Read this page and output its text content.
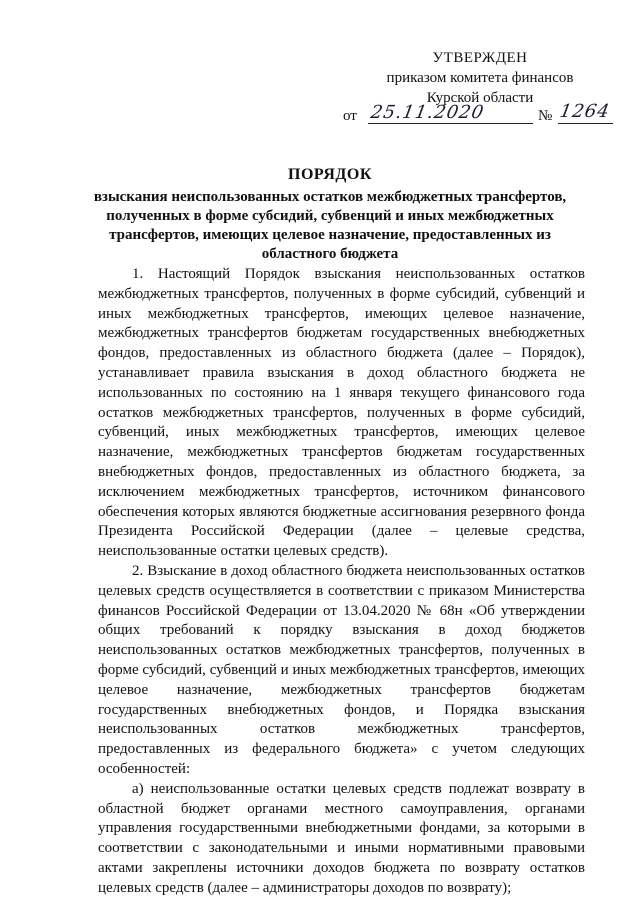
УТВЕРЖДЕН
приказом комитета финансов
Курской области
от 25.11.2020	№ 1264
ПОРЯДОК
взыскания неиспользованных остатков межбюджетных трансфертов, полученных в форме субсидий, субвенций и иных межбюджетных трансфертов, имеющих целевое назначение, предоставленных из областного бюджета

1. Настоящий Порядок взыскания неиспользованных остатков межбюджетных трансфертов, полученных в форме субсидий, субвенций и иных межбюджетных трансфертов, имеющих целевое назначение, межбюджетных трансфертов бюджетам государственных внебюджетных фондов, предоставленных из областного бюджета (далее – Порядок), устанавливает правила взыскания в доход областного бюджета не использованных по состоянию на 1 января текущего финансового года остатков межбюджетных трансфертов, полученных в форме субсидий, субвенций, иных межбюджетных трансфертов, имеющих целевое назначение, межбюджетных трансфертов бюджетам государственных внебюджетных фондов, предоставленных из областного бюджета, за исключением межбюджетных трансфертов, источником финансового обеспечения которых являются бюджетные ассигнования резервного фонда Президента Российской Федерации (далее – целевые средства, неиспользованные остатки целевых средств).

2. Взыскание в доход областного бюджета неиспользованных остатков целевых средств осуществляется в соответствии с приказом Министерства финансов Российской Федерации от 13.04.2020 № 68н «Об утверждении общих требований к порядку взыскания в доход бюджетов неиспользованных остатков межбюджетных трансфертов, полученных в форме субсидий, субвенций и иных межбюджетных трансфертов, имеющих целевое назначение, межбюджетных трансфертов бюджетам государственных внебюджетных фондов, и Порядка взыскания неиспользованных остатков межбюджетных трансфертов, предоставленных из федерального бюджета» с учетом следующих особенностей:

а) неиспользованные остатки целевых средств подлежат возврату в областной бюджет органами местного самоуправления, органами управления государственными внебюджетными фондами, за которыми в соответствии с законодательными и иными нормативными правовыми актами закреплены источники доходов бюджета по возврату остатков целевых средств (далее – администраторы доходов по возврату);
